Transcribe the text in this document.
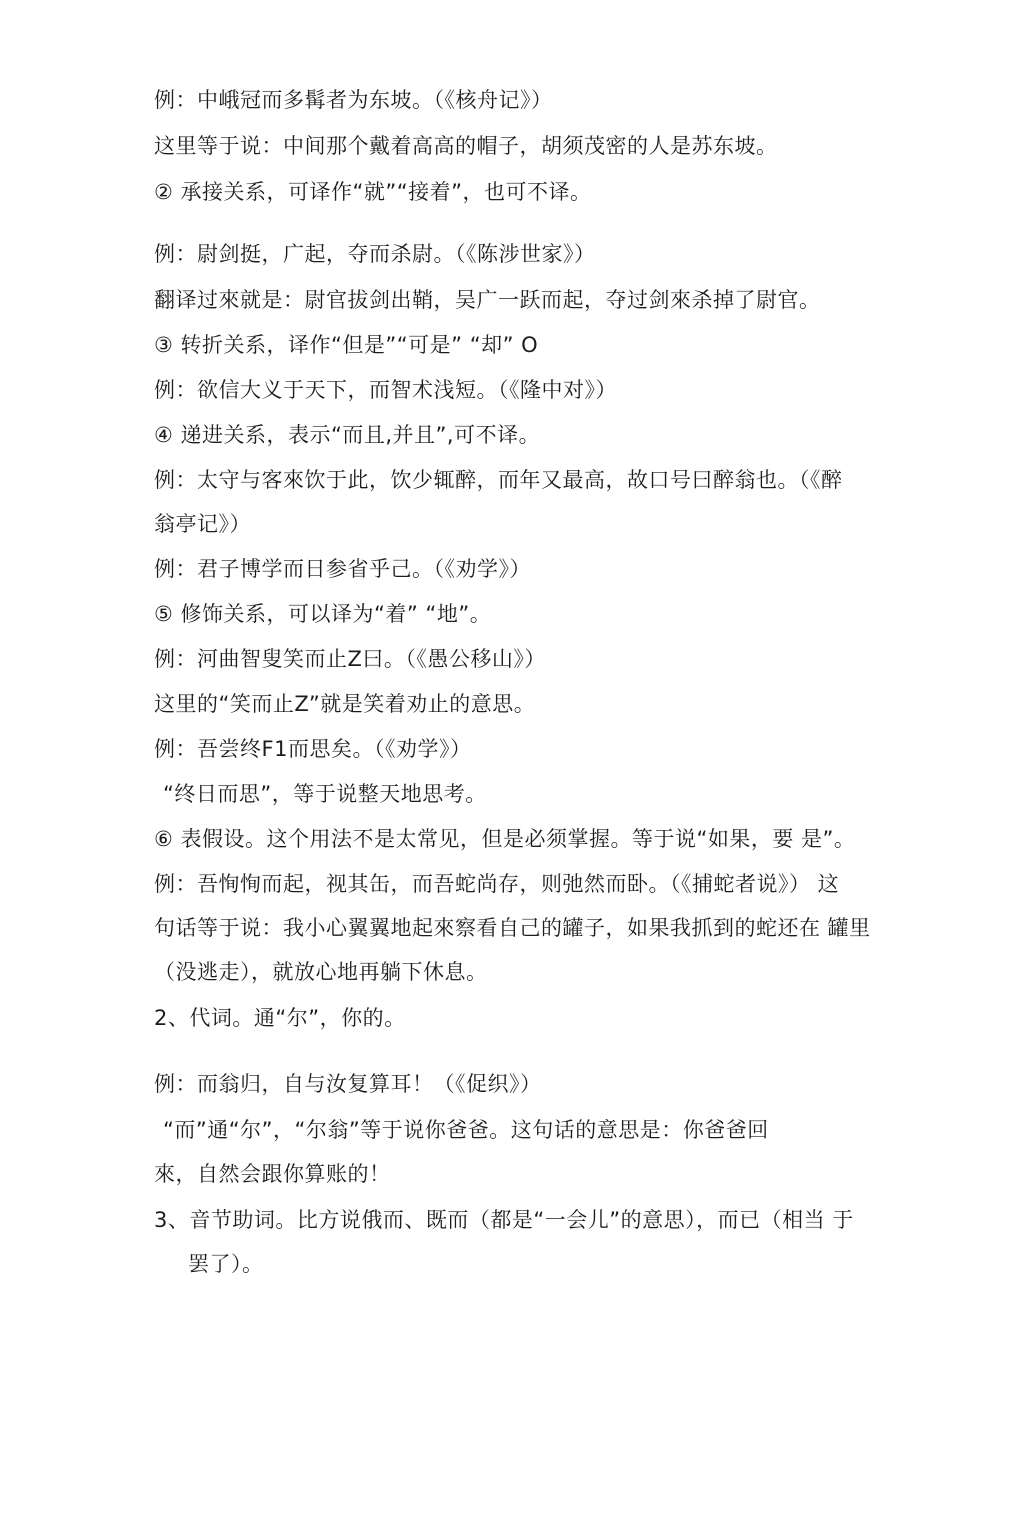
例：中峨冠而多髯者为东坡。（《核舟记》）
这里等于说：中间那个戴着高高的帽子，胡须茂密的人是苏东坡。
② 承接关系，可译作“就”“接着”，也可不译。
例：尉剑挺，广起，夺而杀尉。（《陈涉世家》）
翻译过來就是：尉官拔剑出鞘，吴广一跃而起，夺过剑來杀掉了尉官。
③ 转折关系，译作“但是”“可是” “却” O
例：欲信大义于天下，而智术浅短。（《隆中对》）
④ 递进关系，表示“而且,并且”,可不译。
例：太守与客來饮于此，饮少辄醉，而年又最高，故口号曰醉翁也。（《醉
翁亭记》）
例：君子博学而日参省乎己。（《劝学》）
⑤ 修饰关系，可以译为“着” “地”。
例：河曲智叟笑而止Z曰。（《愚公移山》）
这里的“笑而止Z”就是笑着劝止的意思。
例：吾尝终F1而思矣。（《劝学》）
“终日而思”，等于说整天地思考。
⑥ 表假设。这个用法不是太常见，但是必须掌握。等于说“如果，要 是”。
例：吾恂恂而起，视其缶，而吾蛇尚存，则弛然而卧。（《捕蛇者说》） 这
句话等于说：我小心翼翼地起來察看自己的罐子，如果我抓到的蛇还在 罐里
（没逃走），就放心地再躺下休息。
2、代词。通“尔”，你的。
例：而翁归，自与汝复算耳！（《促织》）
“而”通“尔”，“尔翁”等于说你爸爸。这句话的意思是：你爸爸回
來，自然会跟你算账的！
3、音节助词。比方说俄而、既而（都是“一会儿”的意思），而已（相当 于
罢了）。
